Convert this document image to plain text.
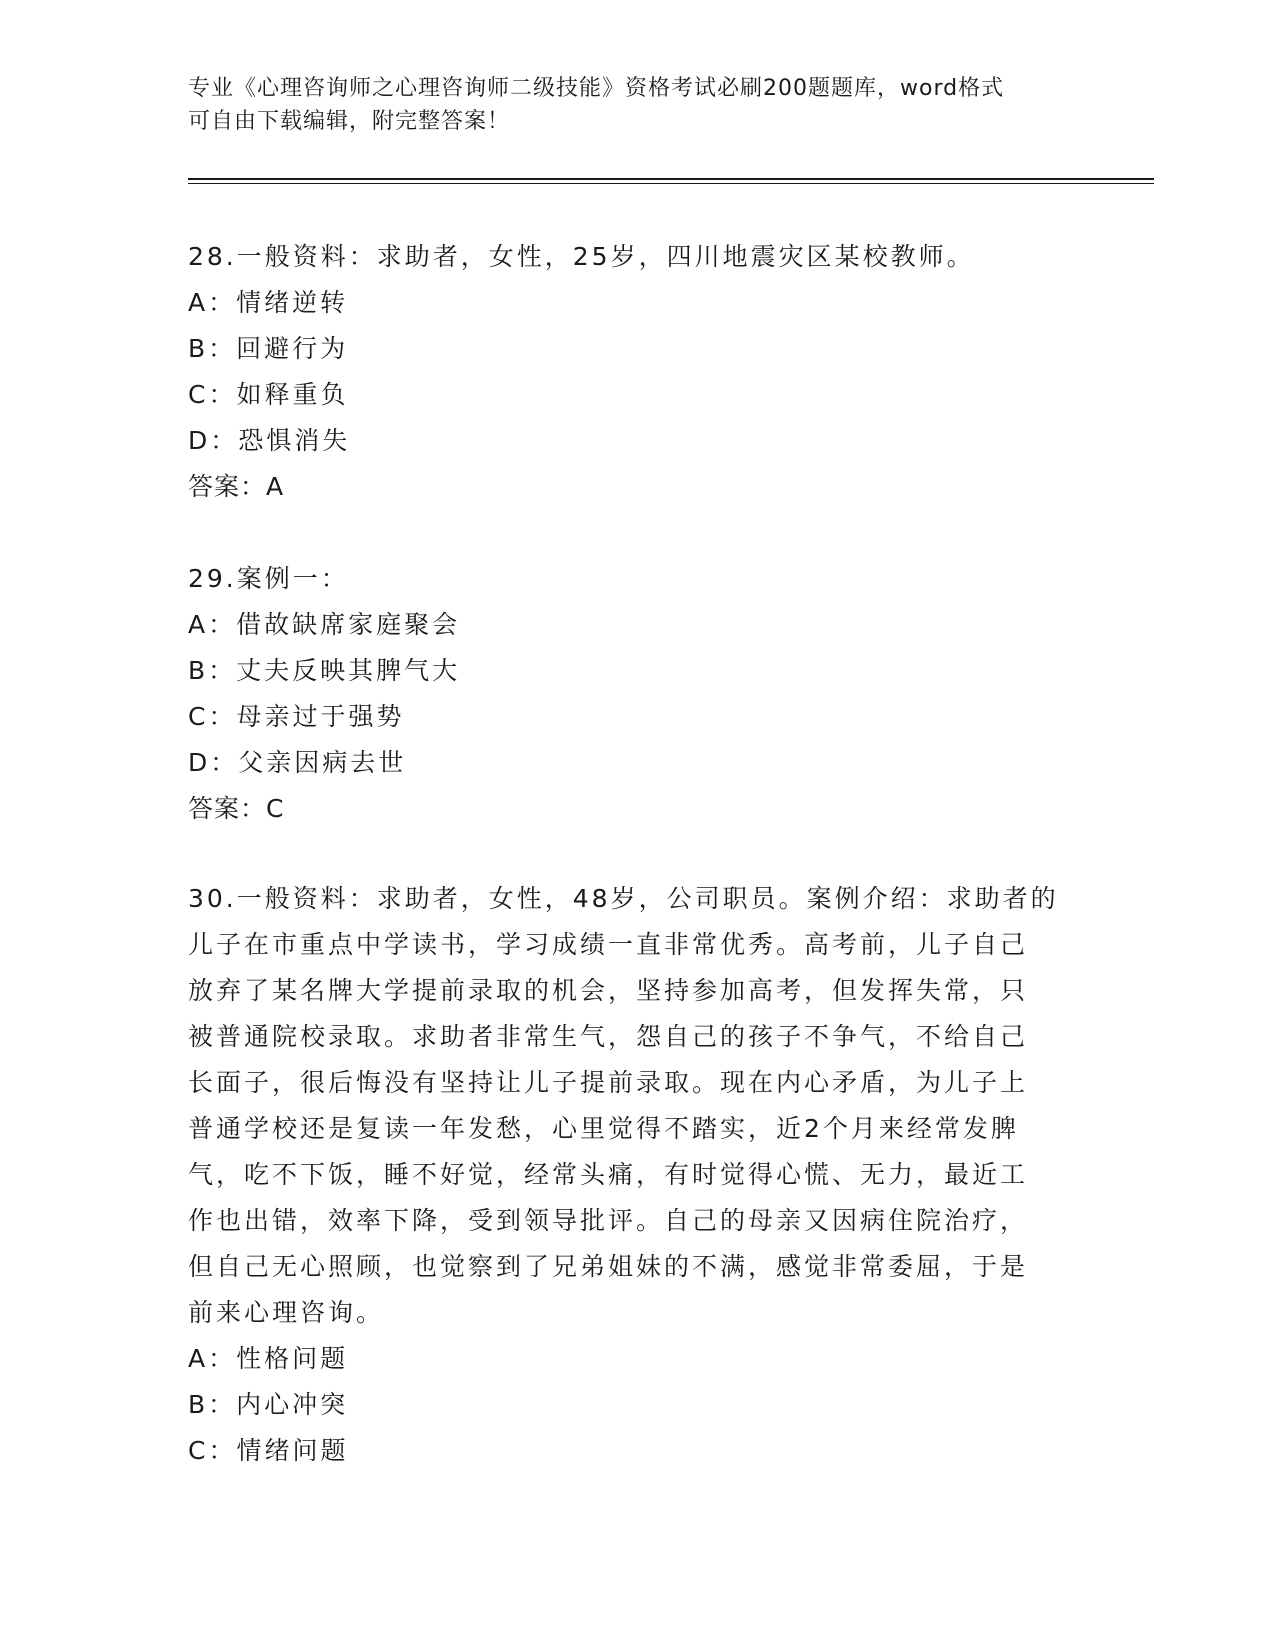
专业《心理咨询师之心理咨询师二级技能》资格考试必刷200题题库，word格式
可自由下载编辑，附完整答案！
28.一般资料：求助者，女性，25岁，四川地震灾区某校教师。
A：情绪逆转
B：回避行为
C：如释重负
D：恐惧消失
答案：A
29.案例一：
A：借故缺席家庭聚会
B：丈夫反映其脾气大
C：母亲过于强势
D：父亲因病去世
答案：C
30.一般资料：求助者，女性，48岁，公司职员。案例介绍：求助者的
儿子在市重点中学读书，学习成绩一直非常优秀。高考前，儿子自己
放弃了某名牌大学提前录取的机会，坚持参加高考，但发挥失常，只
被普通院校录取。求助者非常生气，怨自己的孩子不争气，不给自己
长面子，很后悔没有坚持让儿子提前录取。现在内心矛盾，为儿子上
普通学校还是复读一年发愁，心里觉得不踏实，近2个月来经常发脾
气，吃不下饭，睡不好觉，经常头痛，有时觉得心慌、无力，最近工
作也出错，效率下降，受到领导批评。自己的母亲又因病住院治疗，
但自己无心照顾，也觉察到了兄弟姐妹的不满，感觉非常委屈，于是
前来心理咨询。
A：性格问题
B：内心冲突
C：情绪问题
